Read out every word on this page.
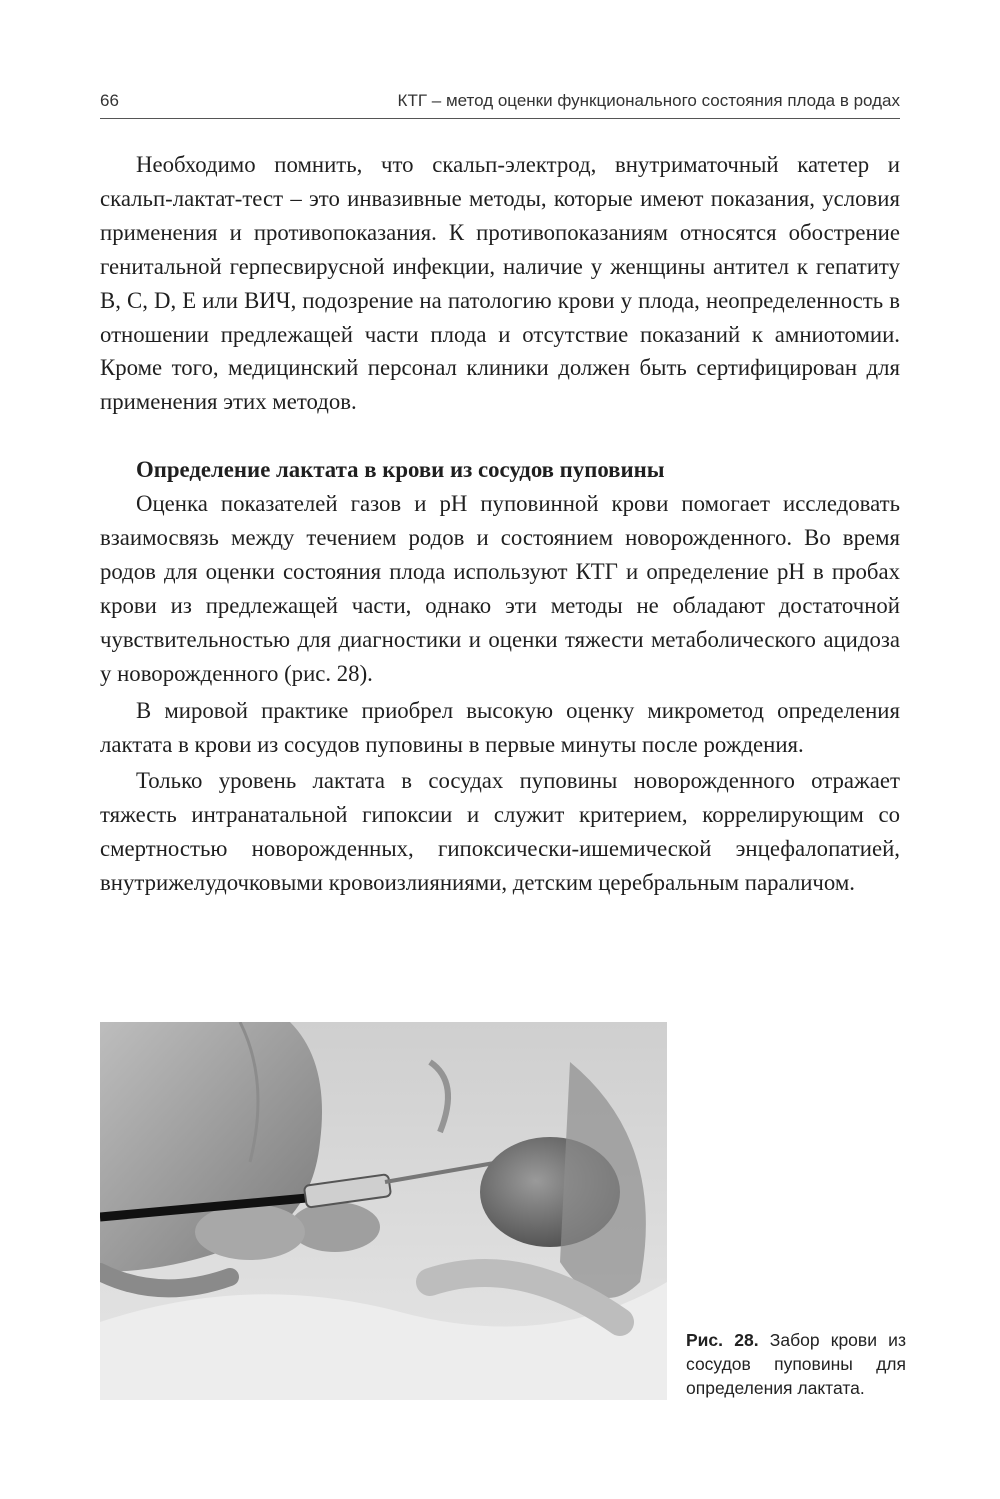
66	КТГ – метод оценки функционального состояния плода в родах

Необходимо помнить, что скальп-электрод, внутриматочный катетер и скальп-лактат-тест – это инвазивные методы, которые имеют показания, условия применения и противопоказания. К противопоказаниям относятся обострение генитальной герпесвирусной инфекции, наличие у женщины антител к гепатиту B, C, D, E или ВИЧ, подозрение на патологию крови у плода, неопределенность в отношении предлежащей части плода и отсутствие показаний к амниотомии. Кроме того, медицинский персонал клиники должен быть сертифицирован для применения этих методов.

Определение лактата в крови из сосудов пуповины

Оценка показателей газов и pH пуповинной крови помогает исследовать взаимосвязь между течением родов и состоянием новорожденного. Во время родов для оценки состояния плода используют КТГ и определение pH в пробах крови из предлежащей части, однако эти методы не обладают достаточной чувствительностью для диагностики и оценки тяжести метаболического ацидоза у новорожденного (рис. 28).

В мировой практике приобрел высокую оценку микрометод определения лактата в крови из сосудов пуповины в первые минуты после рождения.

Только уровень лактата в сосудах пуповины новорожденного отражает тяжесть интранатальной гипоксии и служит критерием, коррелирующим со смертностью новорожденных, гипоксически-ишемической энцефалопатией, внутрижелудочковыми кровоизлияниями, детским церебральным параличом.

Рис. 28. Забор крови из сосудов пуповины для определения лактата.
